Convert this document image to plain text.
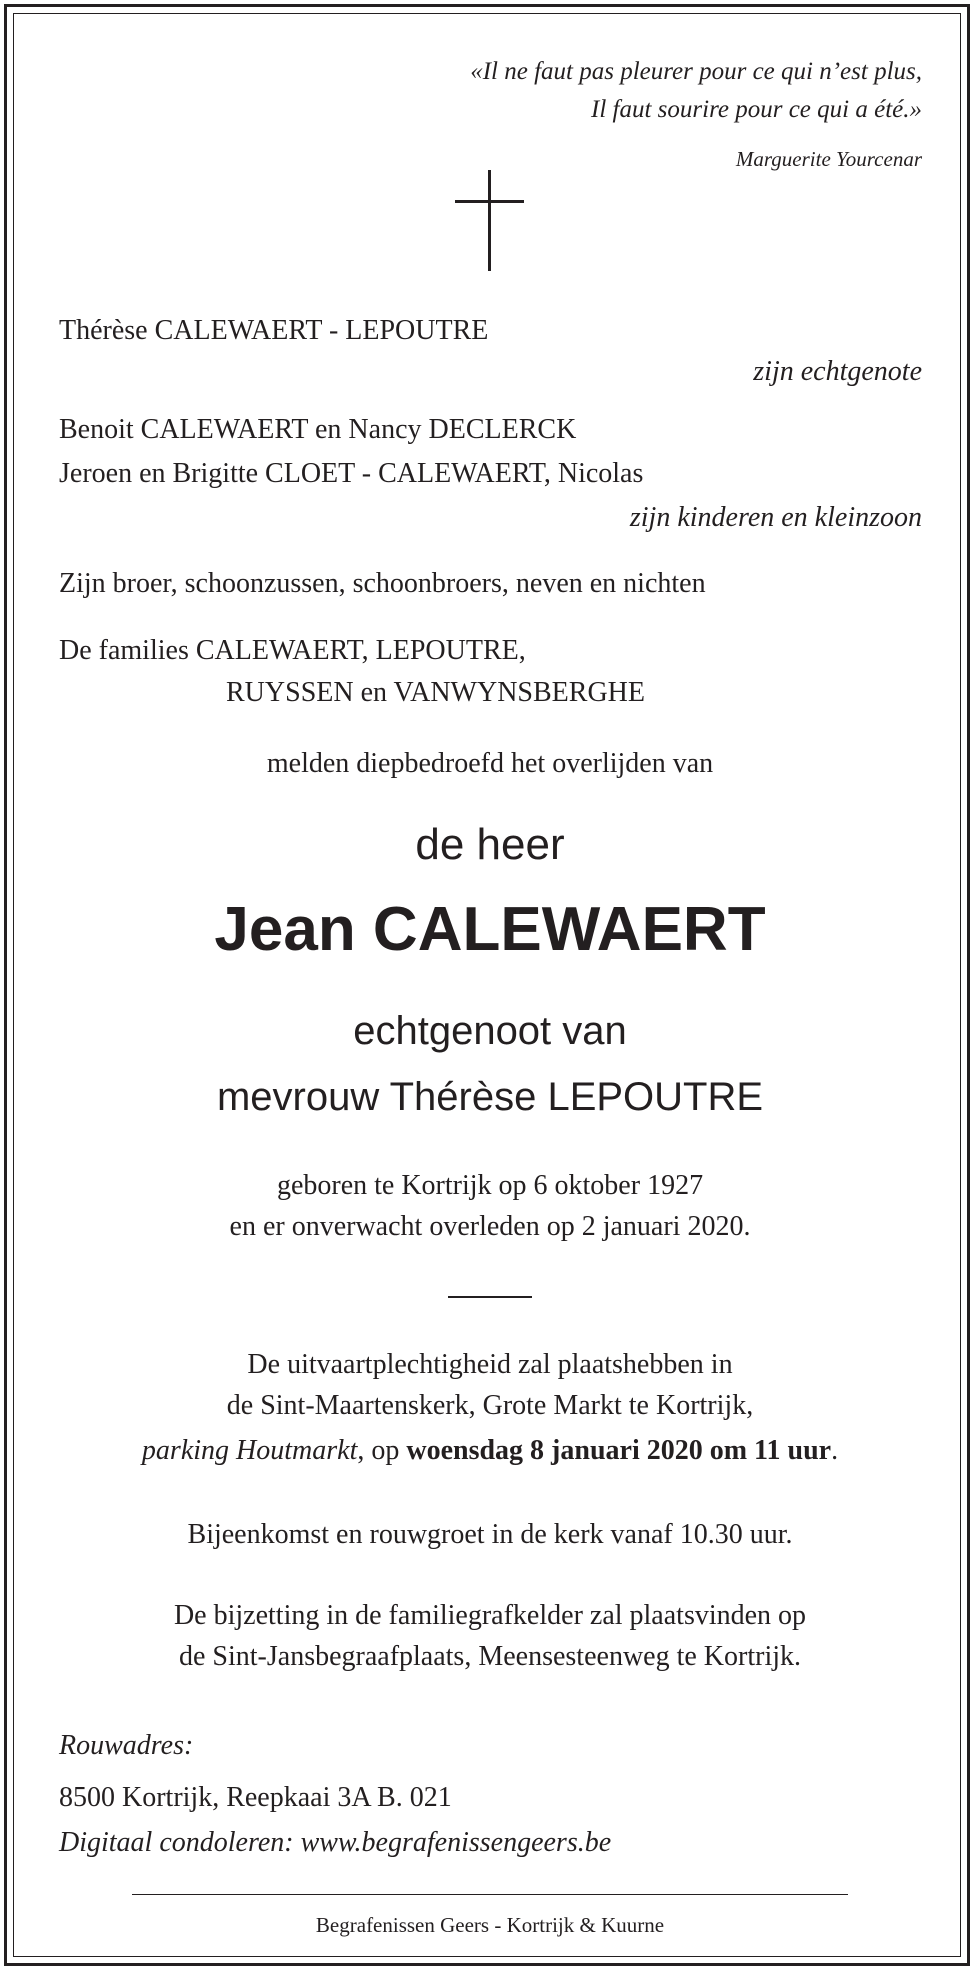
«Il ne faut pas pleurer pour ce qui n’est plus,
Il faut sourire pour ce qui a été.»
Marguerite Yourcenar
Thérèse CALEWAERT - LEPOUTRE
zijn echtgenote
Benoit CALEWAERT en Nancy DECLERCK
Jeroen en Brigitte CLOET - CALEWAERT, Nicolas
zijn kinderen en kleinzoon
Zijn broer, schoonzussen, schoonbroers, neven en nichten
De families CALEWAERT, LEPOUTRE,
RUYSSEN en VANWYNSBERGHE
melden diepbedroefd het overlijden van
de heer
Jean CALEWAERT
echtgenoot van
mevrouw Thérèse LEPOUTRE
geboren te Kortrijk op 6 oktober 1927
en er onverwacht overleden op 2 januari 2020.
De uitvaartplechtigheid zal plaatshebben in
de Sint-Maartenskerk, Grote Markt te Kortrijk,
parking Houtmarkt, op woensdag 8 januari 2020 om 11 uur.
Bijeenkomst en rouwgroet in de kerk vanaf 10.30 uur.
De bijzetting in de familiegrafkelder zal plaatsvinden op
de Sint-Jansbegraafplaats, Meensesteenweg te Kortrijk.
Rouwadres:
8500 Kortrijk, Reepkaai 3A B. 021
Digitaal condoleren: www.begrafenissengeers.be
Begrafenissen Geers - Kortrijk & Kuurne
